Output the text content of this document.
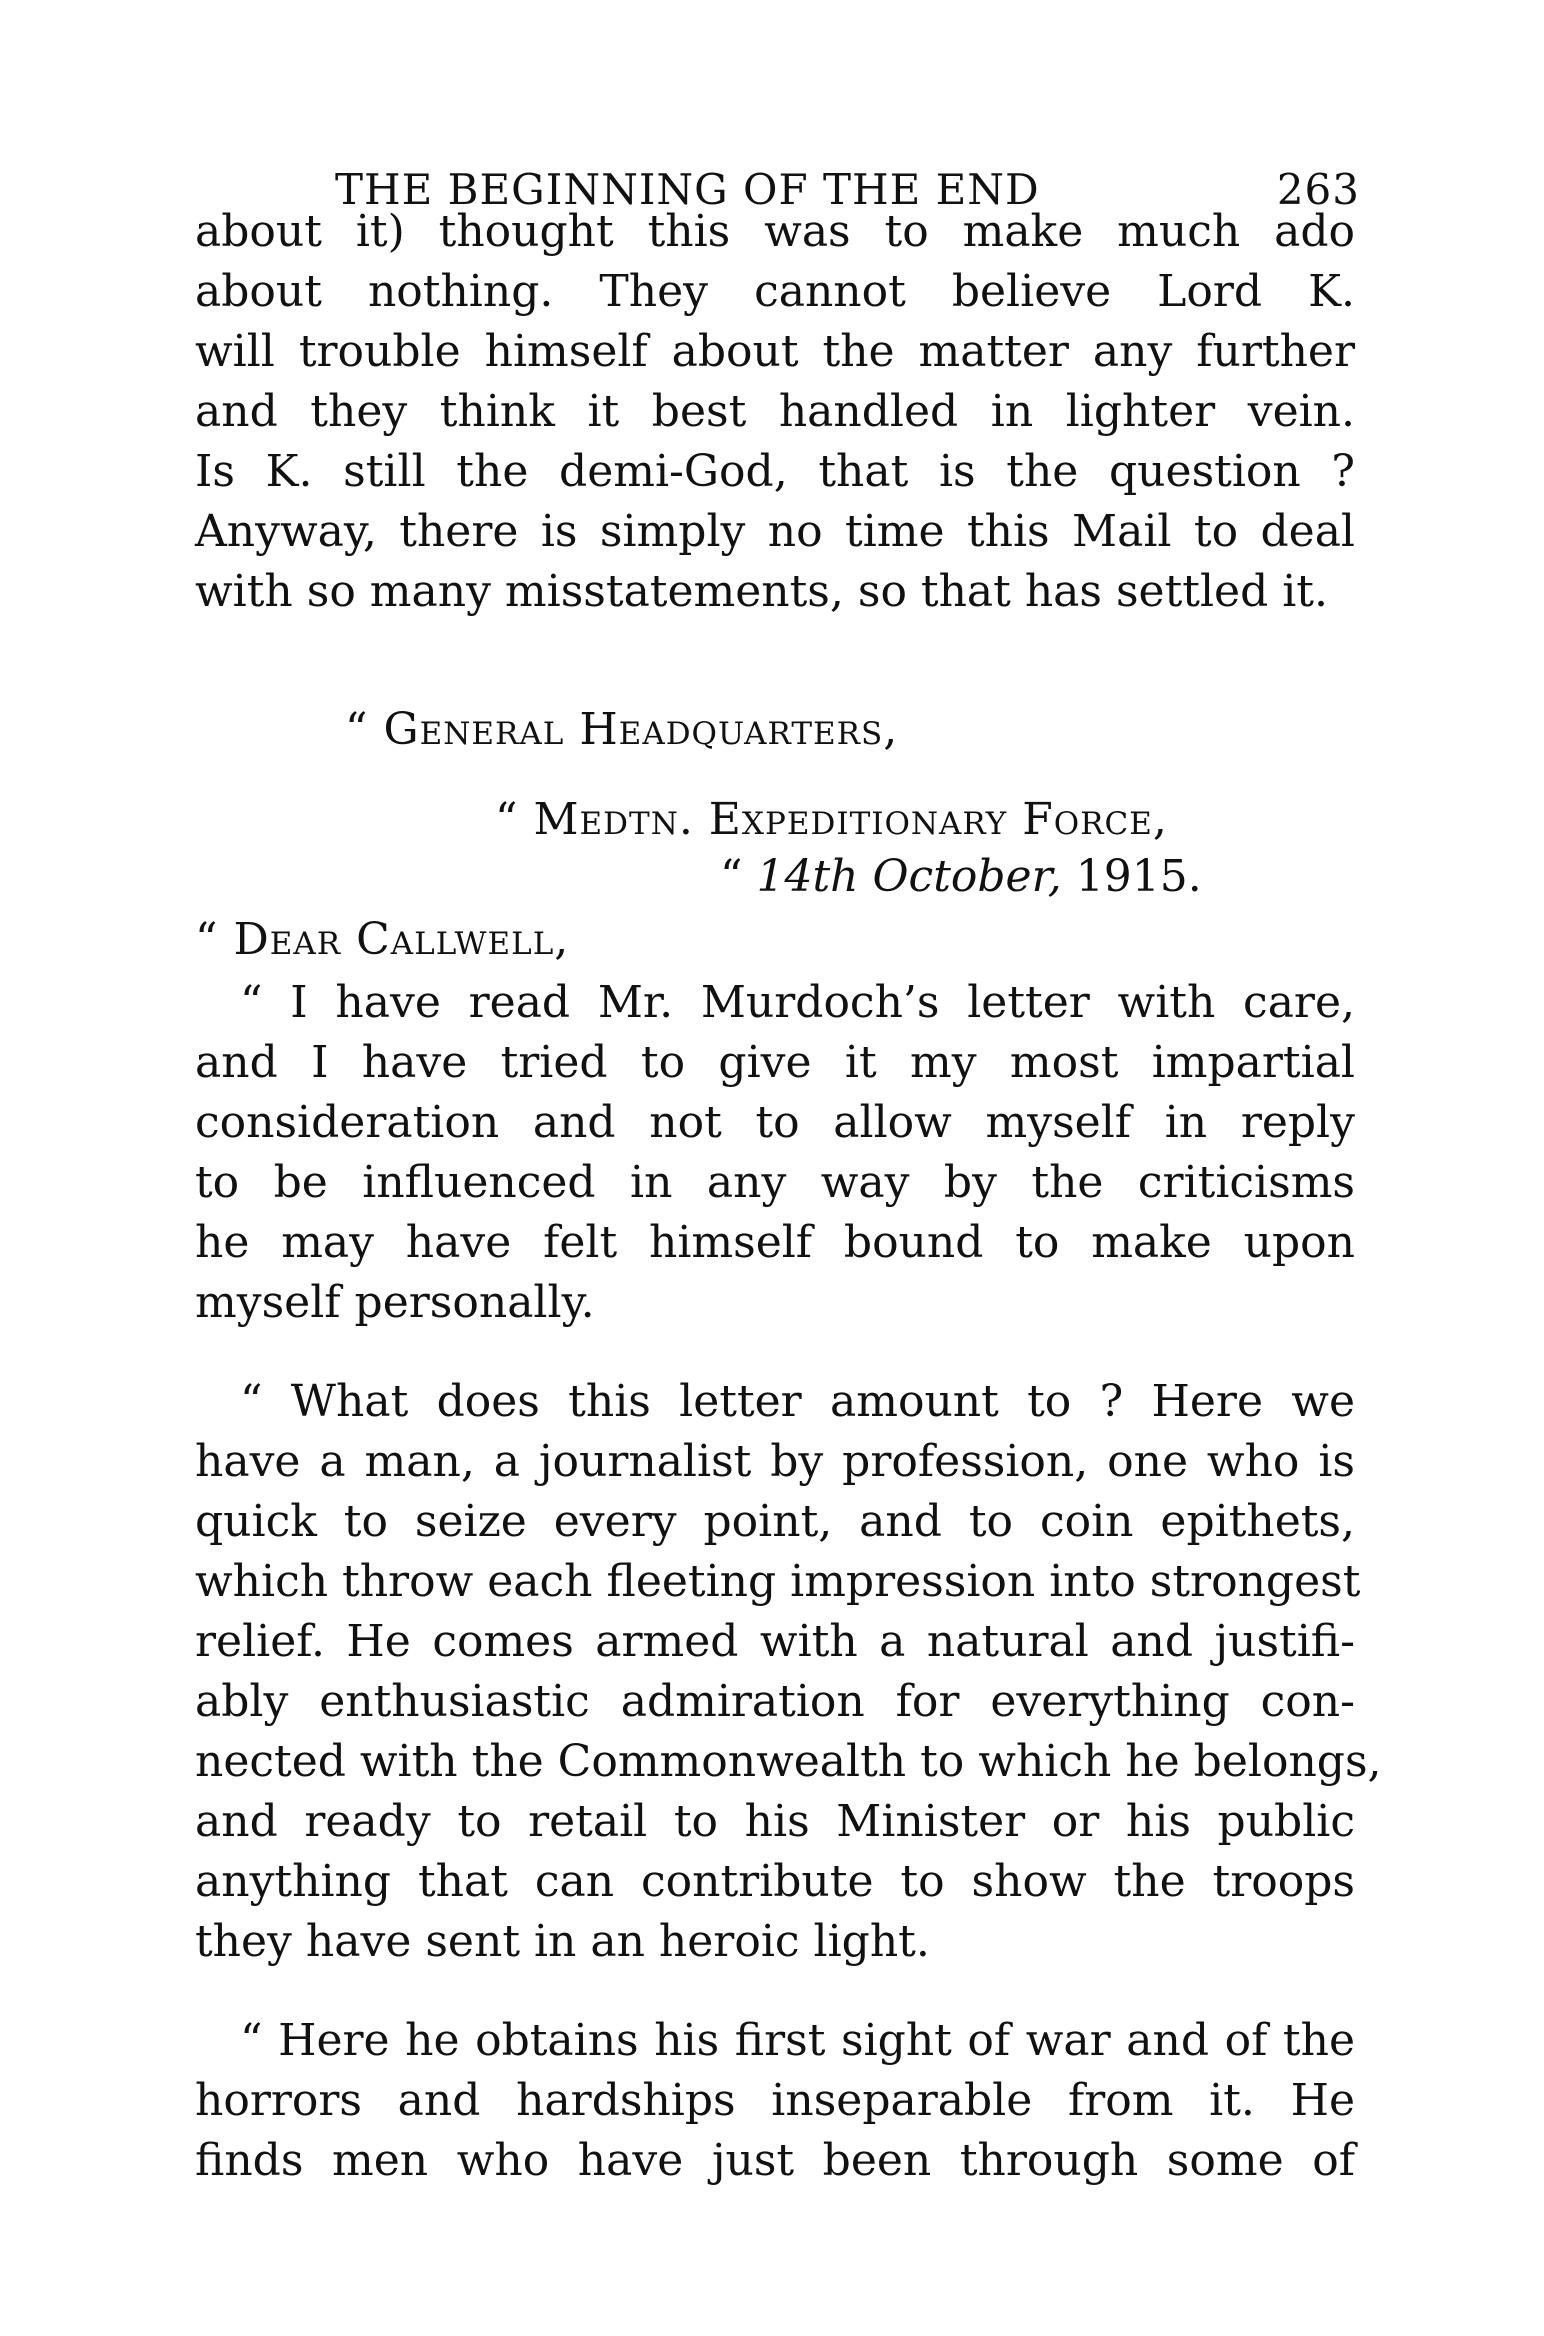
THE BEGINNING OF THE END	263
about it) thought this was to make much ado
about nothing. They cannot believe Lord K.
will trouble himself about the matter any further
and they think it best handled in lighter vein.
Is K. still the demi-God, that is the question ?
Anyway, there is simply no time this Mail to deal
with so many misstatements, so that has settled it.
“ General Headquarters,
“ Medtn. Expeditionary Force,
“ 14th October, 1915.
“ Dear Callwell,
“ I have read Mr. Murdoch’s letter with care,
and I have tried to give it my most impartial
consideration and not to allow myself in reply
to be influenced in any way by the criticisms
he may have felt himself bound to make upon
myself personally.
“ What does this letter amount to ? Here we
have a man, a journalist by profession, one who is
quick to seize every point, and to coin epithets,
which throw each fleeting impression into strongest
relief. He comes armed with a natural and justifi-
ably enthusiastic admiration for everything con-
nected with the Commonwealth to which he belongs,
and ready to retail to his Minister or his public
anything that can contribute to show the troops
they have sent in an heroic light.
“ Here he obtains his first sight of war and of the
horrors and hardships inseparable from it. He
finds men who have just been through some of
